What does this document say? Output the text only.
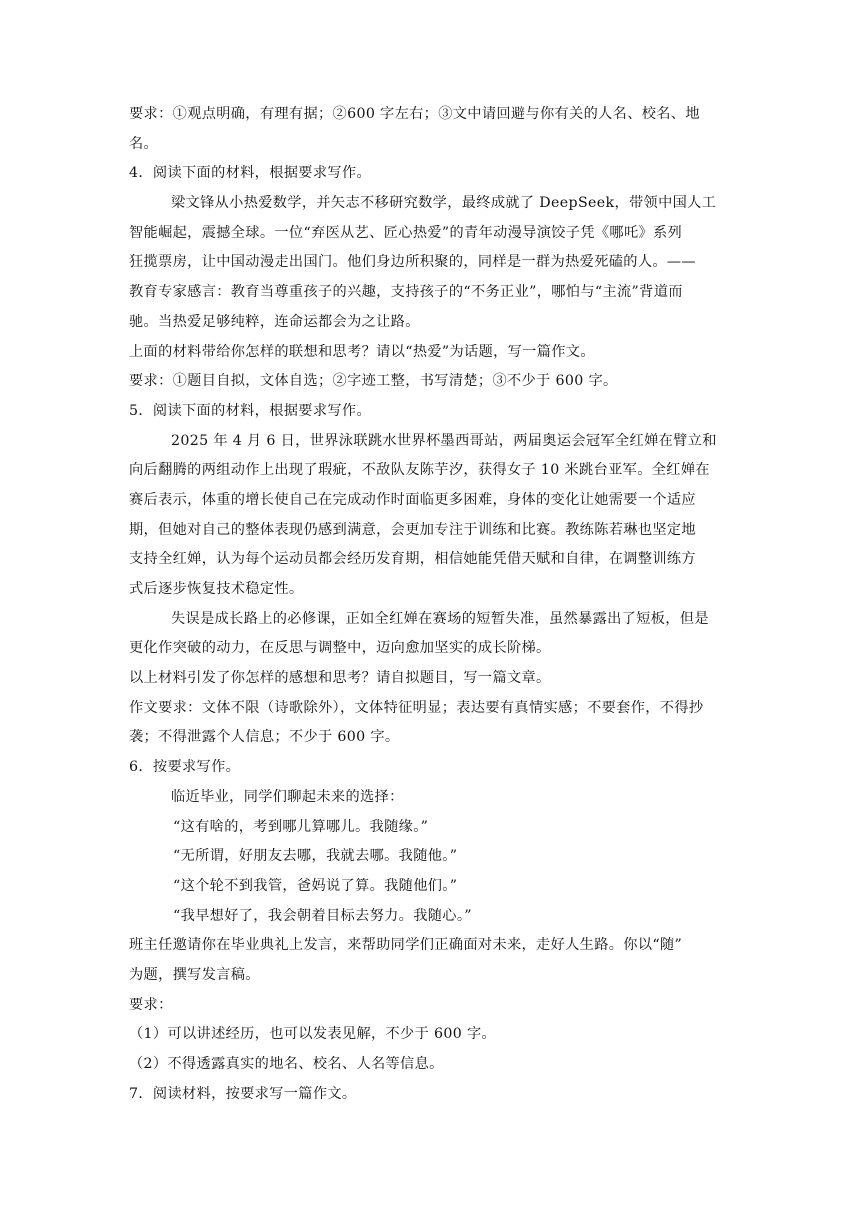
要求：①观点明确，有理有据；②600 字左右；③文中请回避与你有关的人名、校名、地
名。
4．阅读下面的材料，根据要求写作。
梁文锋从小热爱数学，并矢志不移研究数学，最终成就了 DeepSeek，带领中国人工
智能崛起，震撼全球。一位“弃医从艺、匠心热爱”的青年动漫导演饺子凭《哪吒》系列
狂揽票房，让中国动漫走出国门。他们身边所积聚的，同样是一群为热爱死磕的人。——
教育专家感言：教育当尊重孩子的兴趣，支持孩子的“不务正业”，哪怕与“主流”背道而
驰。当热爱足够纯粹，连命运都会为之让路。
上面的材料带给你怎样的联想和思考？请以“热爱”为话题，写一篇作文。
要求：①题目自拟，文体自选；②字迹工整，书写清楚；③不少于 600 字。
5．阅读下面的材料，根据要求写作。
2025 年 4 月 6 日，世界泳联跳水世界杯墨西哥站，两届奥运会冠军全红婵在臂立和
向后翻腾的两组动作上出现了瑕疵，不敌队友陈芋汐，获得女子 10 米跳台亚军。全红婵在
赛后表示，体重的增长使自己在完成动作时面临更多困难，身体的变化让她需要一个适应
期，但她对自己的整体表现仍感到满意，会更加专注于训练和比赛。教练陈若琳也坚定地
支持全红婵，认为每个运动员都会经历发育期，相信她能凭借天赋和自律，在调整训练方
式后逐步恢复技术稳定性。
失误是成长路上的必修课，正如全红婵在赛场的短暂失准，虽然暴露出了短板，但是
更化作突破的动力，在反思与调整中，迈向愈加坚实的成长阶梯。
以上材料引发了你怎样的感想和思考？请自拟题目，写一篇文章。
作文要求：文体不限（诗歌除外），文体特征明显；表达要有真情实感；不要套作，不得抄
袭；不得泄露个人信息；不少于 600 字。
6．按要求写作。
临近毕业，同学们聊起未来的选择：
“这有啥的，考到哪儿算哪儿。我随缘。”
“无所谓，好朋友去哪，我就去哪。我随他。”
“这个轮不到我管，爸妈说了算。我随他们。”
“我早想好了，我会朝着目标去努力。我随心。”
班主任邀请你在毕业典礼上发言，来帮助同学们正确面对未来，走好人生路。你以“随”
为题，撰写发言稿。
要求：
（1）可以讲述经历，也可以发表见解，不少于 600 字。
（2）不得透露真实的地名、校名、人名等信息。
7．阅读材料，按要求写一篇作文。
